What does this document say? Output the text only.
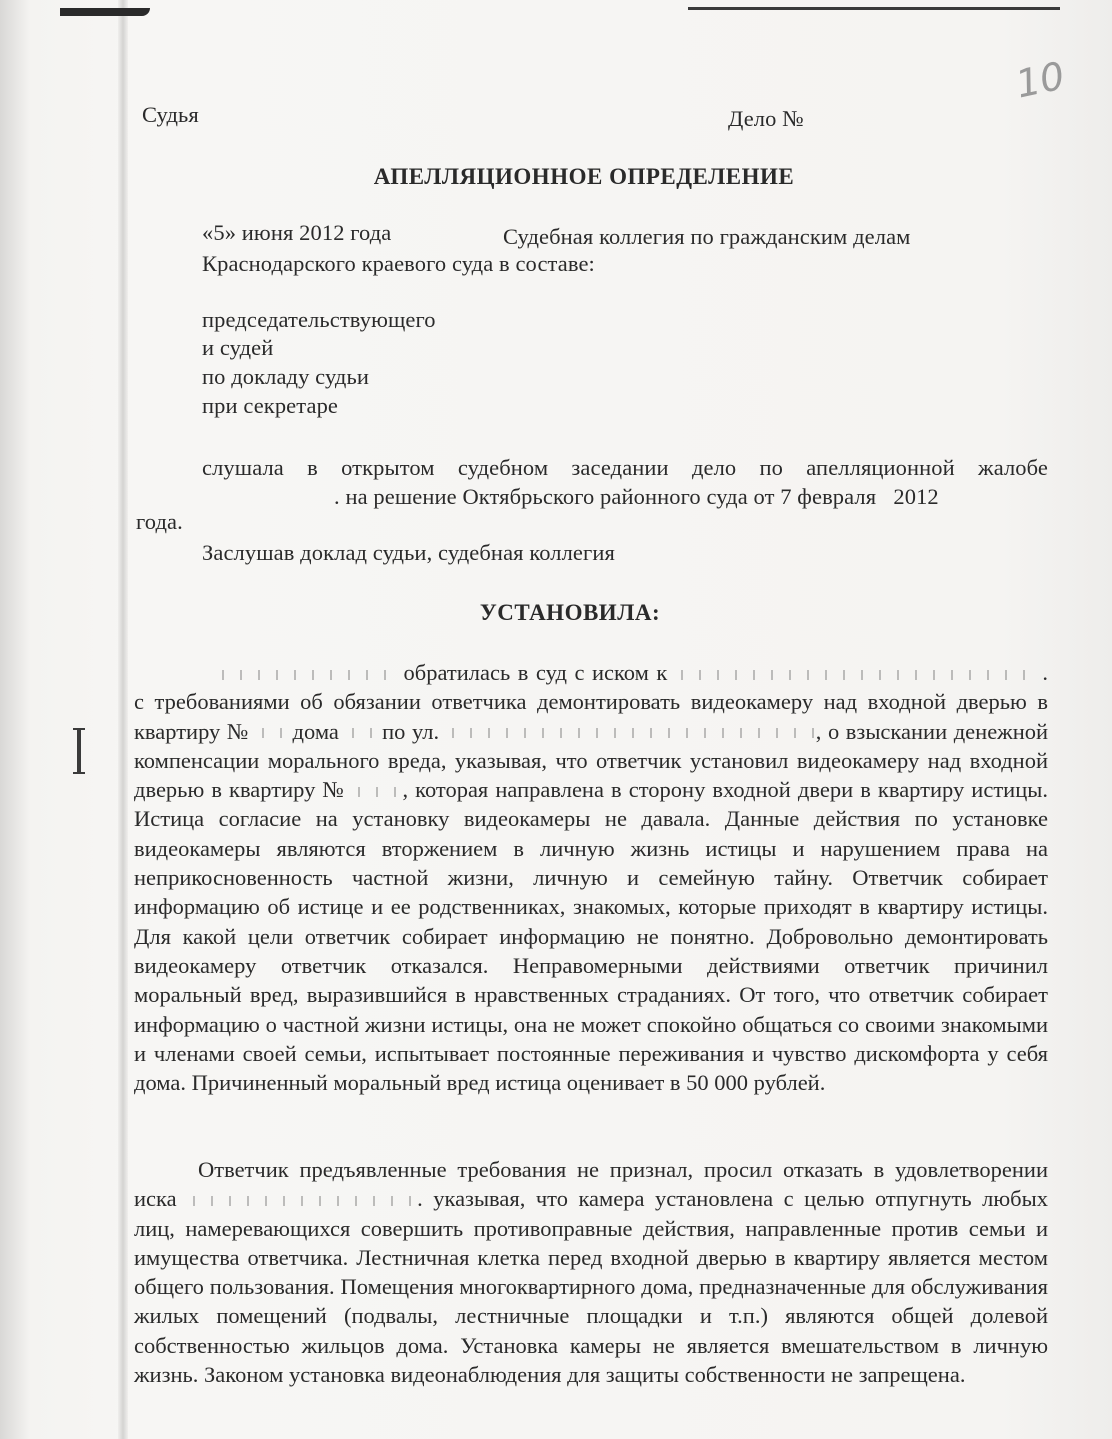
10
Судья	Дело №
АПЕЛЛЯЦИОННОЕ ОПРЕДЕЛЕНИЕ
«5» июня 2012 года	Судебная коллегия по гражданским делам
Краснодарского краевого суда в составе:
председательствующего
и судей
по докладу судьи
при секретаре
слушала в открытом судебном заседании дело по апелляционной жалобе
. на решение Октябрьского районного суда от 7 февраля   2012
года.
Заслушав доклад судьи, судебная коллегия
УСТАНОВИЛА:
обратилась в суд с иском к	. с требованиями об обязании ответчика демонтировать видеокамеру над входной дверью в квартиру № дома по ул.	, о взыскании денежной компенсации морального вреда, указывая, что ответчик установил видеокамеру над входной дверью в квартиру №	, которая направлена в сторону входной двери в квартиру истицы. Истица согласие на установку видеокамеры не давала. Данные действия по установке видеокамеры являются вторжением в личную жизнь истицы и нарушением права на неприкосновенность частной жизни, личную и семейную тайну. Ответчик собирает информацию об истице и ее родственниках, знакомых, которые приходят в квартиру истицы. Для какой цели ответчик собирает информацию не понятно. Добровольно демонтировать видеокамеру ответчик отказался. Неправомерными действиями ответчик причинил моральный вред, выразившийся в нравственных страданиях. От того, что ответчик собирает информацию о частной жизни истицы, она не может спокойно общаться со своими знакомыми и членами своей семьи, испытывает постоянные переживания и чувство дискомфорта у себя дома. Причиненный моральный вред истица оценивает в 50 000 рублей.
Ответчик предъявленные требования не признал, просил отказать в удовлетворении иска	. указывая, что камера установлена с целью отпугнуть любых лиц, намеревающихся совершить противоправные действия, направленные против семьи и имущества ответчика. Лестничная клетка перед входной дверью в квартиру является местом общего пользования. Помещения многоквартирного дома, предназначенные для обслуживания жилых помещений (подвалы, лестничные площадки и т.п.) являются общей долевой собственностью жильцов дома. Установка камеры не является вмешательством в личную жизнь. Законом установка видеонаблюдения для защиты собственности не запрещена.
